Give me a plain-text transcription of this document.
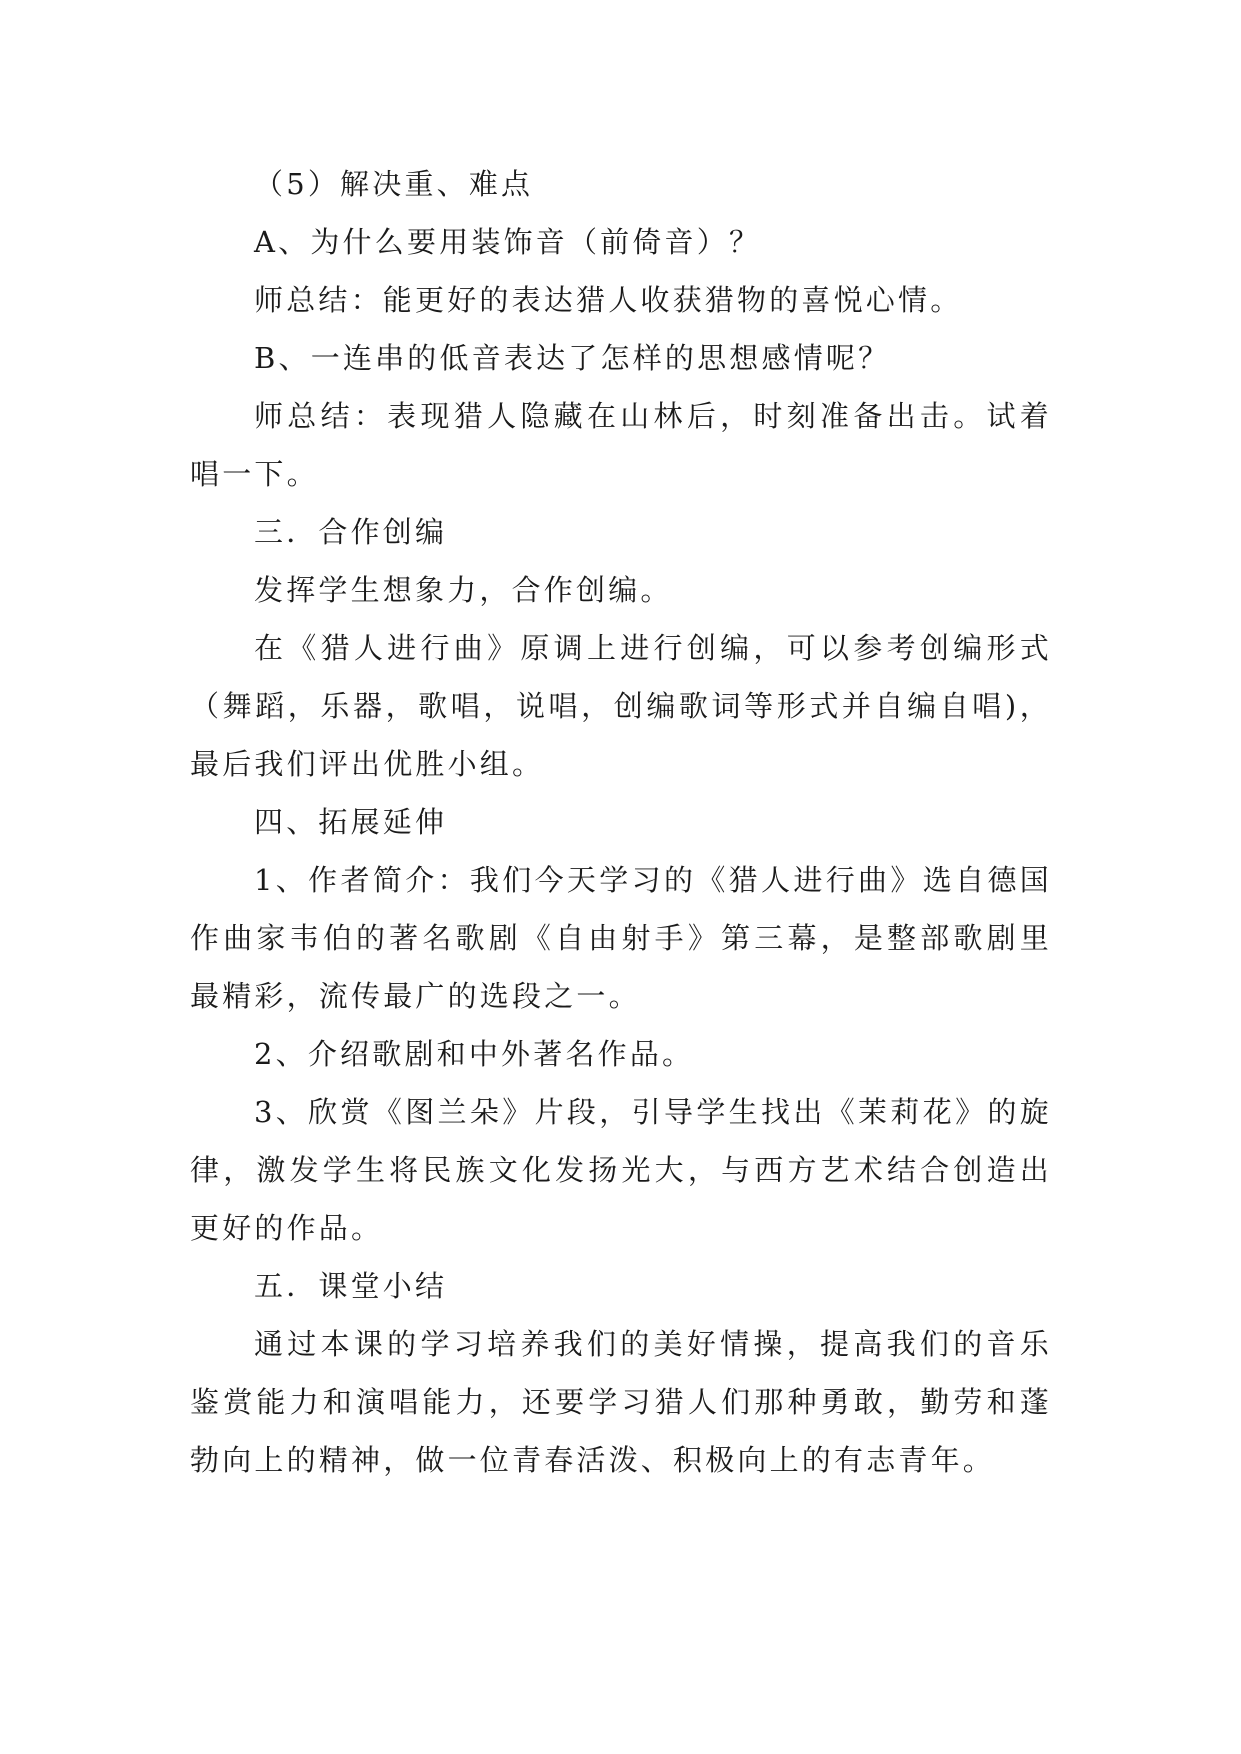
（5）解决重、难点

A、为什么要用装饰音（前倚音）？

师总结：能更好的表达猎人收获猎物的喜悦心情。

B、一连串的低音表达了怎样的思想感情呢？

师总结：表现猎人隐藏在山林后，时刻准备出击。试着唱一下。

三．合作创编

发挥学生想象力，合作创编。

在《猎人进行曲》原调上进行创编，可以参考创编形式（舞蹈，乐器，歌唱，说唱，创编歌词等形式并自编自唱)，最后我们评出优胜小组。

四、拓展延伸

1、作者简介：我们今天学习的《猎人进行曲》选自德国作曲家韦伯的著名歌剧《自由射手》第三幕，是整部歌剧里最精彩，流传最广的选段之一。

2、介绍歌剧和中外著名作品。

3、欣赏《图兰朵》片段，引导学生找出《茉莉花》的旋律，激发学生将民族文化发扬光大，与西方艺术结合创造出更好的作品。

五．课堂小结

通过本课的学习培养我们的美好情操，提高我们的音乐鉴赏能力和演唱能力，还要学习猎人们那种勇敢，勤劳和蓬勃向上的精神，做一位青春活泼、积极向上的有志青年。
